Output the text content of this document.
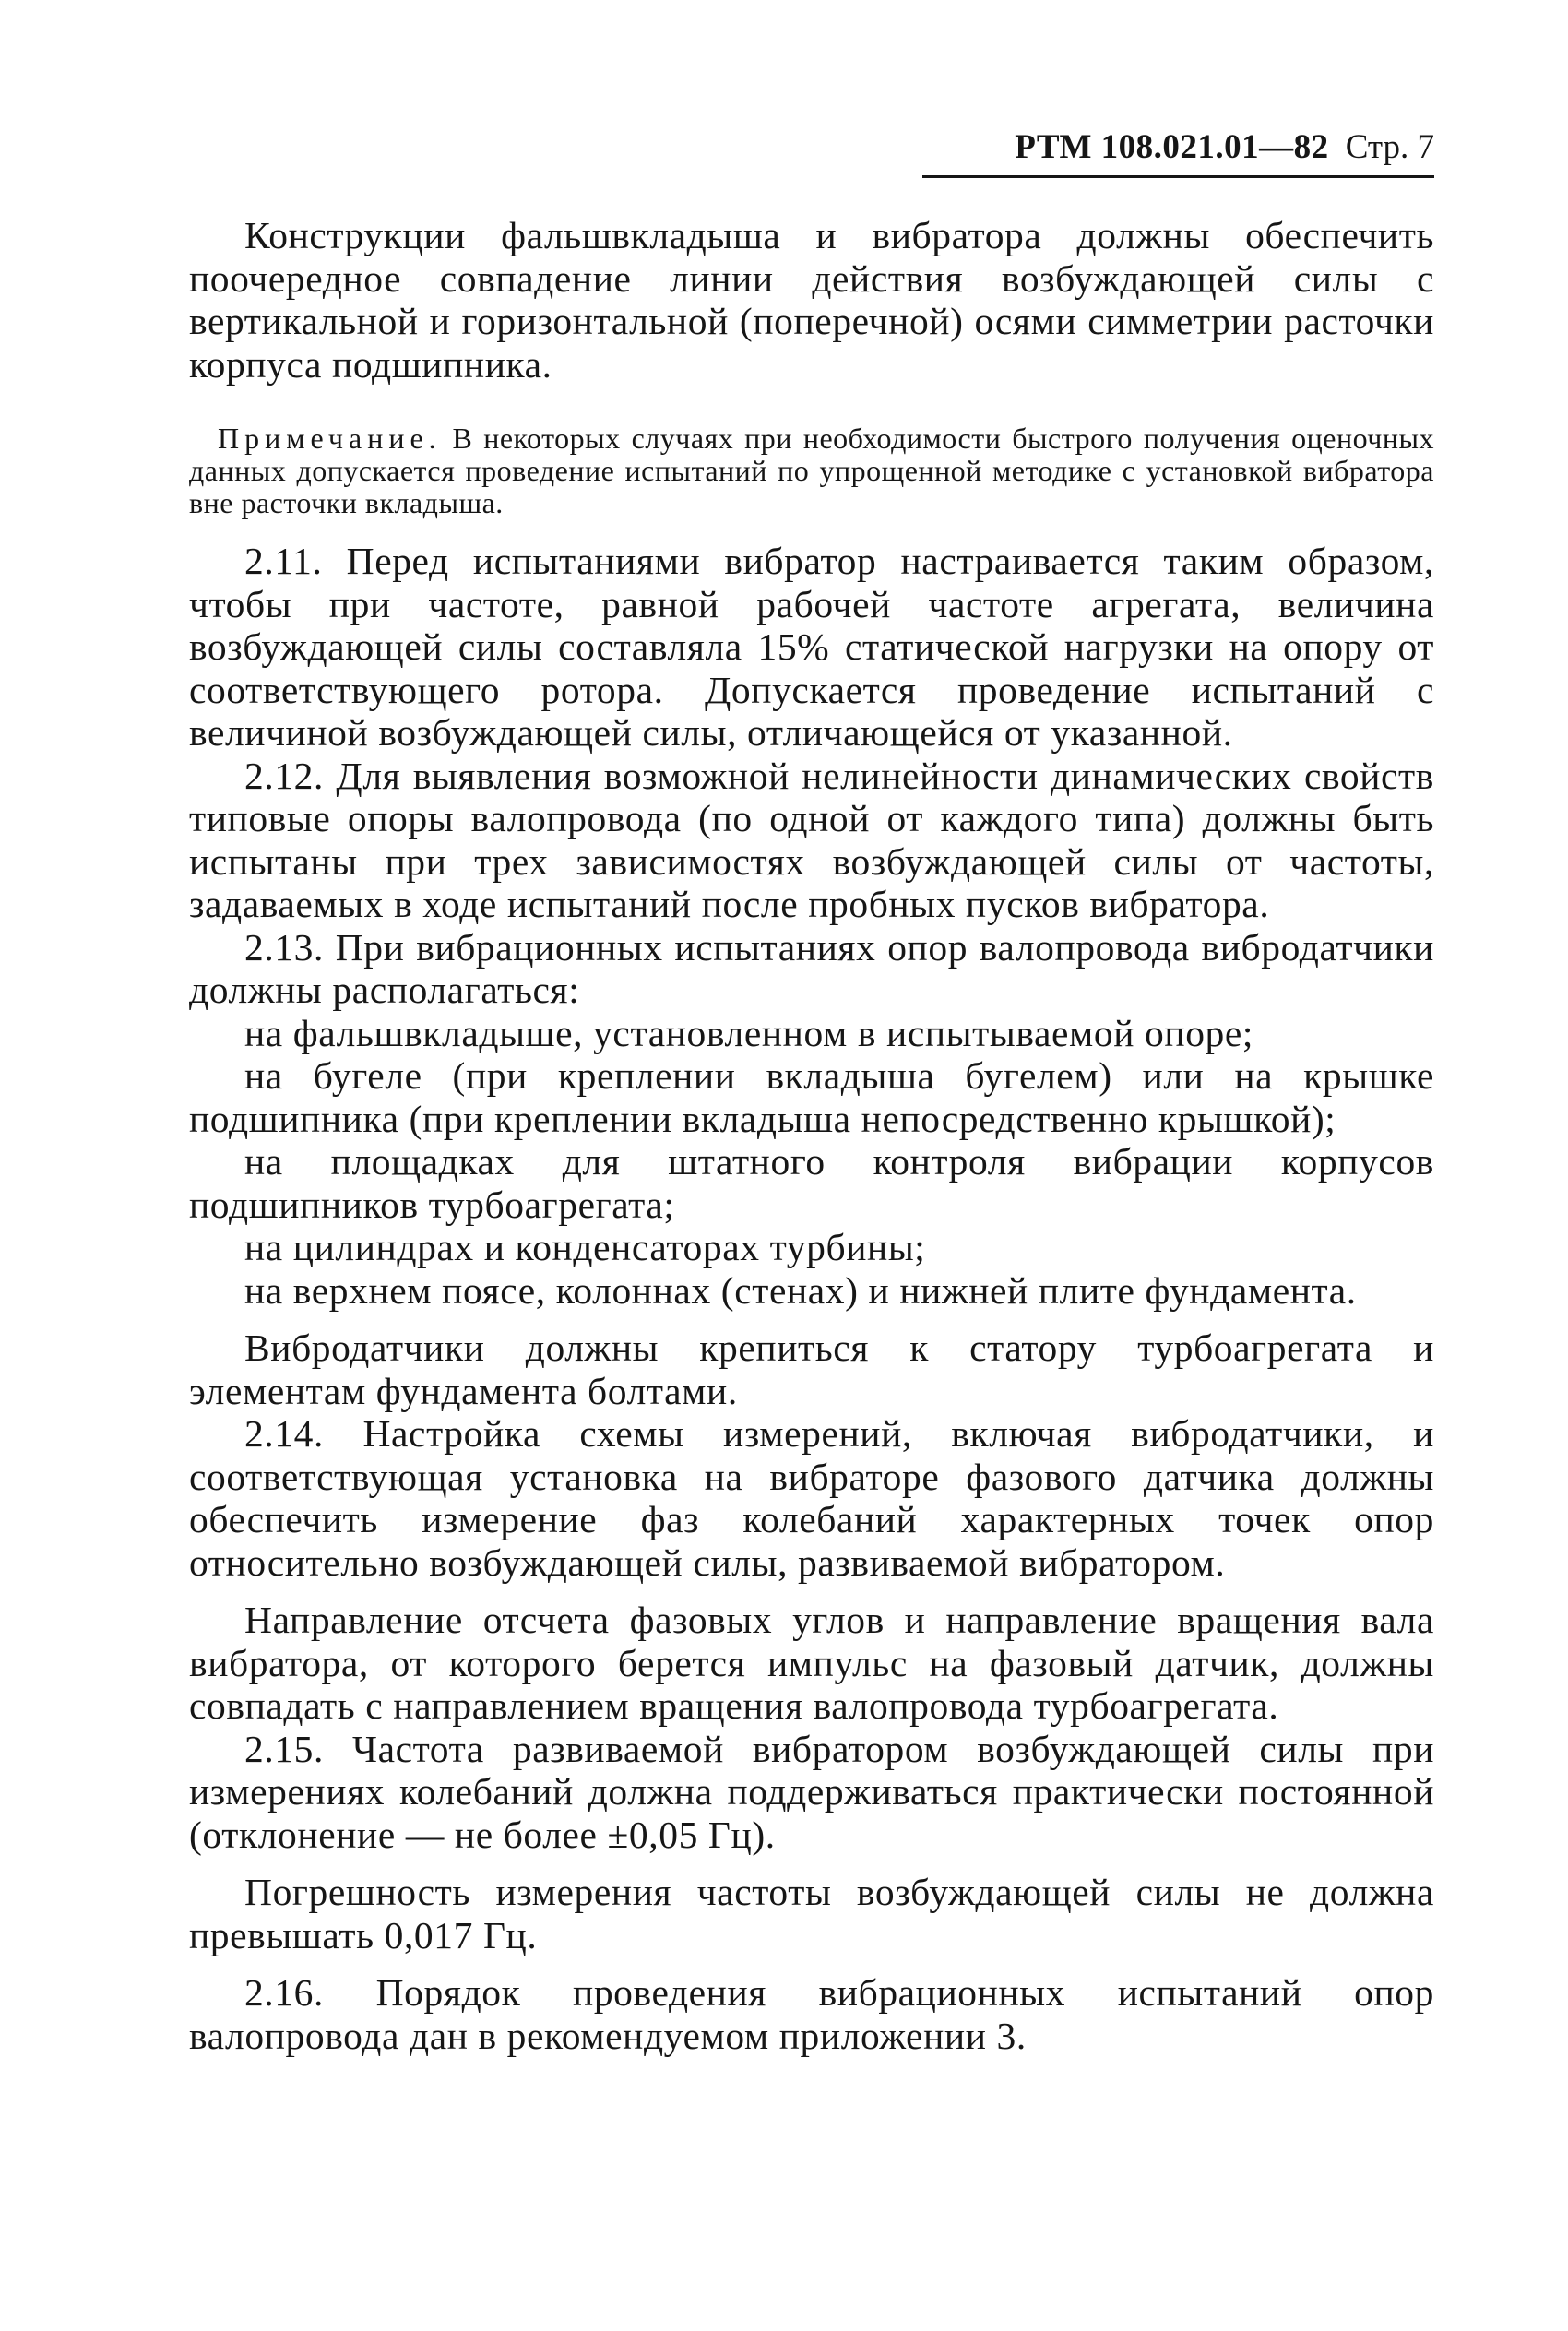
РТМ 108.021.01—82 Стр. 7

Конструкции фальшвкладыша и вибратора должны обеспечить поочередное совпадение линии действия возбуждающей силы с вертикальной и горизонтальной (поперечной) осями симметрии расточки корпуса подшипника.

Примечание. В некоторых случаях при необходимости быстрого получения оценочных данных допускается проведение испытаний по упрощенной методике с установкой вибратора вне расточки вкладыша.

2.11. Перед испытаниями вибратор настраивается таким образом, чтобы при частоте, равной рабочей частоте агрегата, величина возбуждающей силы составляла 15% статической нагрузки на опору от соответствующего ротора. Допускается проведение испытаний с величиной возбуждающей силы, отличающейся от указанной.

2.12. Для выявления возможной нелинейности динамических свойств типовые опоры валопровода (по одной от каждого типа) должны быть испытаны при трех зависимостях возбуждающей силы от частоты, задаваемых в ходе испытаний после пробных пусков вибратора.

2.13. При вибрационных испытаниях опор валопровода вибродатчики должны располагаться:

на фальшвкладыше, установленном в испытываемой опоре;

на бугеле (при креплении вкладыша бугелем) или на крышке подшипника (при креплении вкладыша непосредственно крышкой);

на площадках для штатного контроля вибрации корпусов подшипников турбоагрегата;

на цилиндрах и конденсаторах турбины;

на верхнем поясе, колоннах (стенах) и нижней плите фундамента.

Вибродатчики должны крепиться к статору турбоагрегата и элементам фундамента болтами.

2.14. Настройка схемы измерений, включая вибродатчики, и соответствующая установка на вибраторе фазового датчика должны обеспечить измерение фаз колебаний характерных точек опор относительно возбуждающей силы, развиваемой вибратором.

Направление отсчета фазовых углов и направление вращения вала вибратора, от которого берется импульс на фазовый датчик, должны совпадать с направлением вращения валопровода турбоагрегата.

2.15. Частота развиваемой вибратором возбуждающей силы при измерениях колебаний должна поддерживаться практически постоянной (отклонение — не более ±0,05 Гц).

Погрешность измерения частоты возбуждающей силы не должна превышать 0,017 Гц.

2.16. Порядок проведения вибрационных испытаний опор валопровода дан в рекомендуемом приложении 3.
